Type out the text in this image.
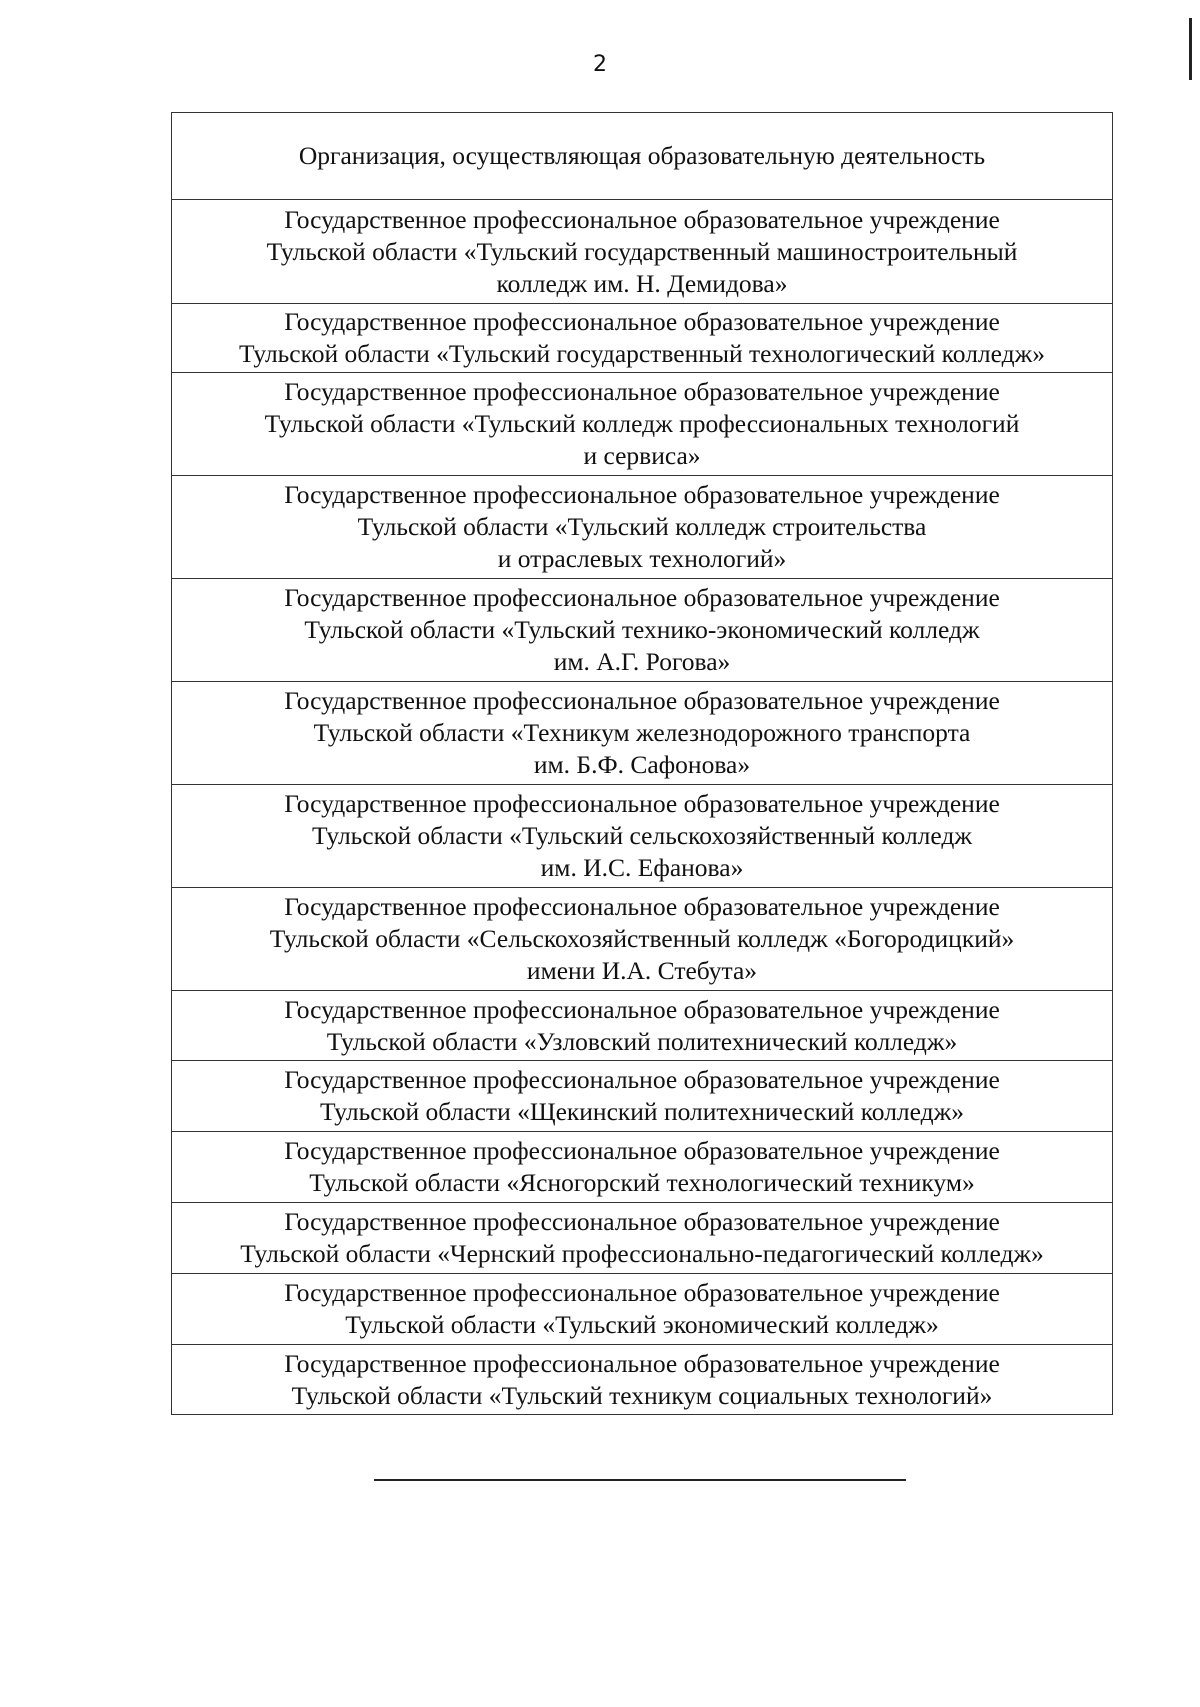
2
Организация, осуществляющая образовательную деятельность
Государственное профессиональное образовательное учреждение
Тульской области «Тульский государственный машиностроительный
колледж им. Н. Демидова»
Государственное профессиональное образовательное учреждение
Тульской области «Тульский государственный технологический колледж»
Государственное профессиональное образовательное учреждение
Тульской области «Тульский колледж профессиональных технологий
и сервиса»
Государственное профессиональное образовательное учреждение
Тульской области «Тульский колледж строительства
и отраслевых технологий»
Государственное профессиональное образовательное учреждение
Тульской области «Тульский технико-экономический колледж
им. А.Г. Рогова»
Государственное профессиональное образовательное учреждение
Тульской области «Техникум железнодорожного транспорта
им. Б.Ф. Сафонова»
Государственное профессиональное образовательное учреждение
Тульской области «Тульский сельскохозяйственный колледж
им. И.С. Ефанова»
Государственное профессиональное образовательное учреждение
Тульской области «Сельскохозяйственный колледж «Богородицкий»
имени И.А. Стебута»
Государственное профессиональное образовательное учреждение
Тульской области «Узловский политехнический колледж»
Государственное профессиональное образовательное учреждение
Тульской области «Щекинский политехнический колледж»
Государственное профессиональное образовательное учреждение
Тульской области «Ясногорский технологический техникум»
Государственное профессиональное образовательное учреждение
Тульской области «Чернский профессионально-педагогический колледж»
Государственное профессиональное образовательное учреждение
Тульской области «Тульский экономический колледж»
Государственное профессиональное образовательное учреждение
Тульской области «Тульский техникум социальных технологий»
